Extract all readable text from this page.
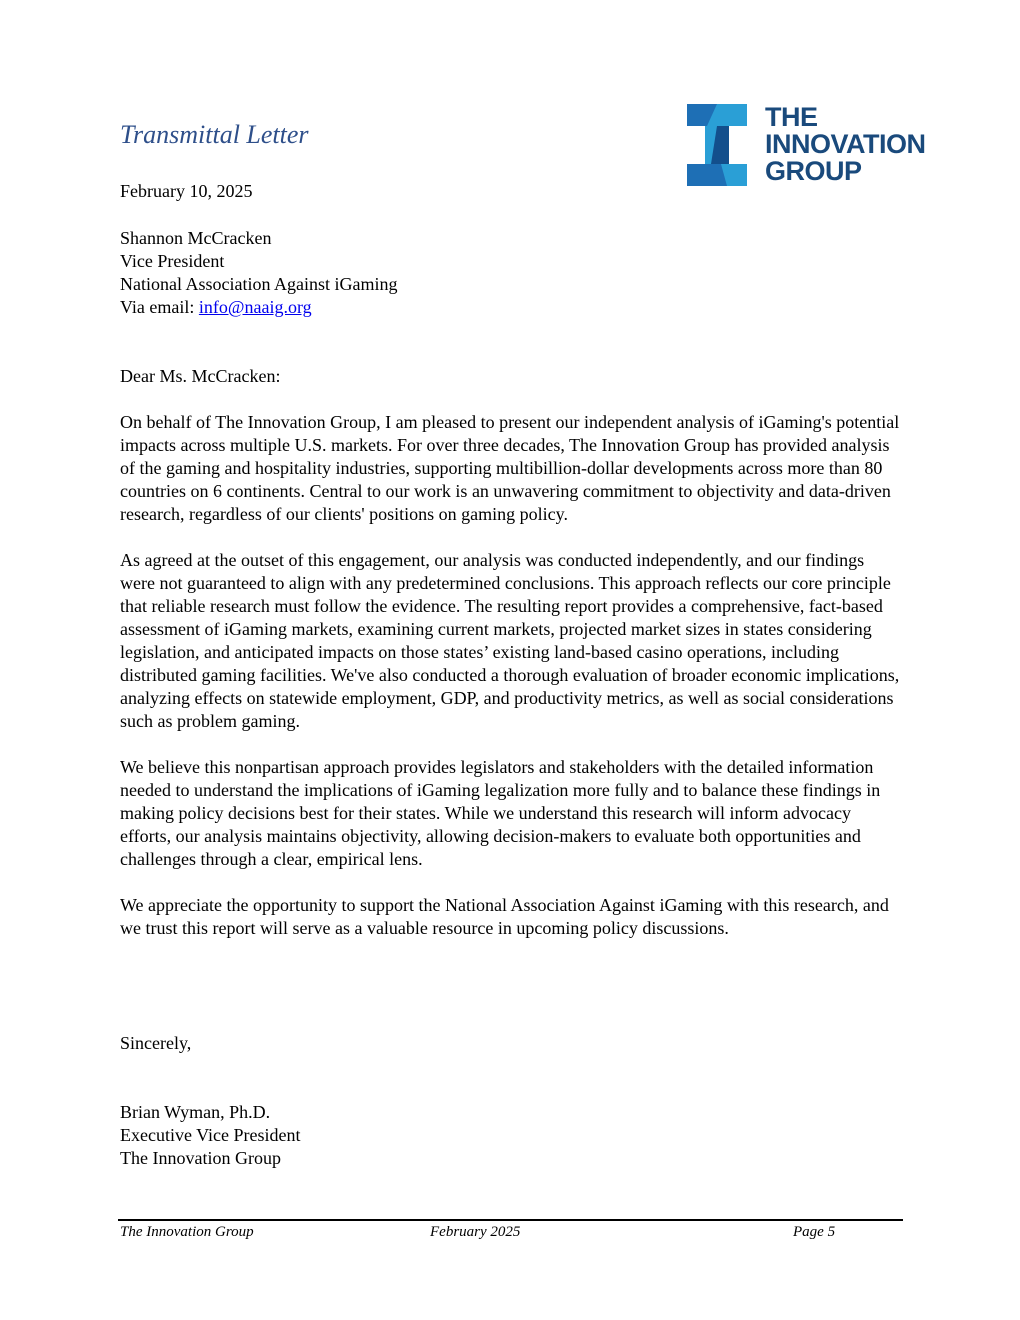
Transmittal Letter
THE
INNOVATION
GROUP
February 10, 2025
Shannon McCracken
Vice President
National Association Against iGaming
Via email: info@naaig.org
Dear Ms. McCracken:

On behalf of The Innovation Group, I am pleased to present our independent analysis of iGaming's potential impacts across multiple U.S. markets. For over three decades, The Innovation Group has provided analysis of the gaming and hospitality industries, supporting multibillion-dollar developments across more than 80 countries on 6 continents. Central to our work is an unwavering commitment to objectivity and data-driven research, regardless of our clients' positions on gaming policy.

As agreed at the outset of this engagement, our analysis was conducted independently, and our findings were not guaranteed to align with any predetermined conclusions. This approach reflects our core principle that reliable research must follow the evidence. The resulting report provides a comprehensive, fact-based assessment of iGaming markets, examining current markets, projected market sizes in states considering legislation, and anticipated impacts on those states’ existing land-based casino operations, including distributed gaming facilities. We've also conducted a thorough evaluation of broader economic implications, analyzing effects on statewide employment, GDP, and productivity metrics, as well as social considerations such as problem gaming.

We believe this nonpartisan approach provides legislators and stakeholders with the detailed information needed to understand the implications of iGaming legalization more fully and to balance these findings in making policy decisions best for their states. While we understand this research will inform advocacy efforts, our analysis maintains objectivity, allowing decision-makers to evaluate both opportunities and challenges through a clear, empirical lens.

We appreciate the opportunity to support the National Association Against iGaming with this research, and we trust this report will serve as a valuable resource in upcoming policy discussions.

Sincerely,
Brian Wyman, Ph.D.
Executive Vice President
The Innovation Group
The Innovation Group	February 2025	Page 5
